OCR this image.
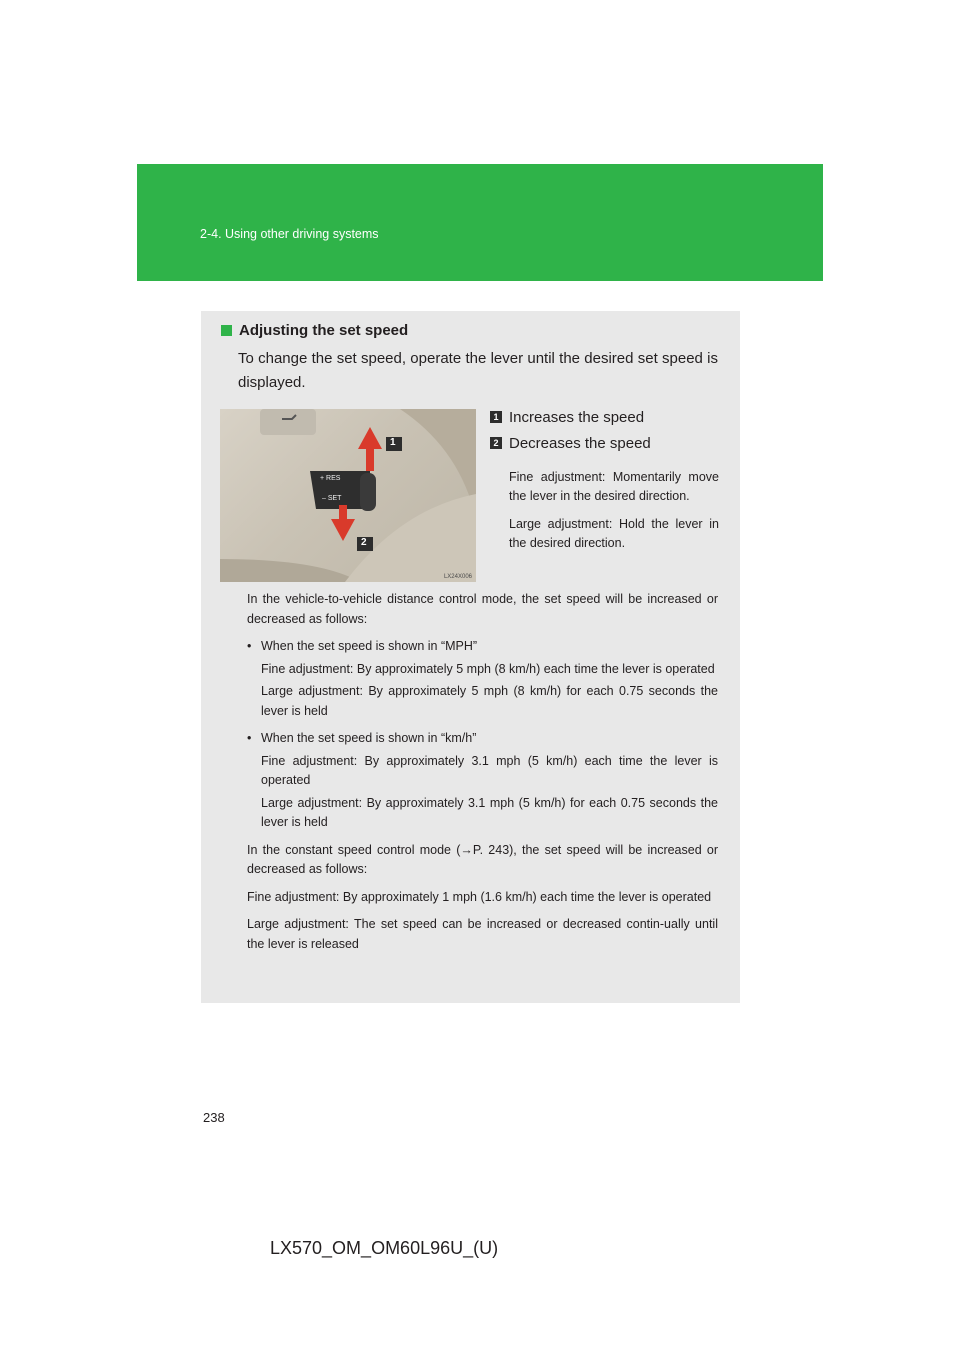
2-4. Using other driving systems
Adjusting the set speed
To change the set speed, operate the lever until the desired set speed is displayed.
1
2
+ RES
– SET
LX24X006
1 Increases the speed
2 Decreases the speed
Fine adjustment: Momentarily move the lever in the desired direction.
Large adjustment: Hold the lever in the desired direction.

In the vehicle-to-vehicle distance control mode, the set speed will be increased or decreased as follows:

• When the set speed is shown in “MPH”
Fine adjustment: By approximately 5 mph (8 km/h) each time the lever is operated
Large adjustment: By approximately 5 mph (8 km/h) for each 0.75 seconds the lever is held
• When the set speed is shown in “km/h”
Fine adjustment: By approximately 3.1 mph (5 km/h) each time the lever is operated
Large adjustment: By approximately 3.1 mph (5 km/h) for each 0.75 seconds the lever is held

In the constant speed control mode (→P. 243), the set speed will be increased or decreased as follows:

Fine adjustment: By approximately 1 mph (1.6 km/h) each time the lever is operated

Large adjustment: The set speed can be increased or decreased contin-ually until the lever is released

238
LX570_OM_OM60L96U_(U)
